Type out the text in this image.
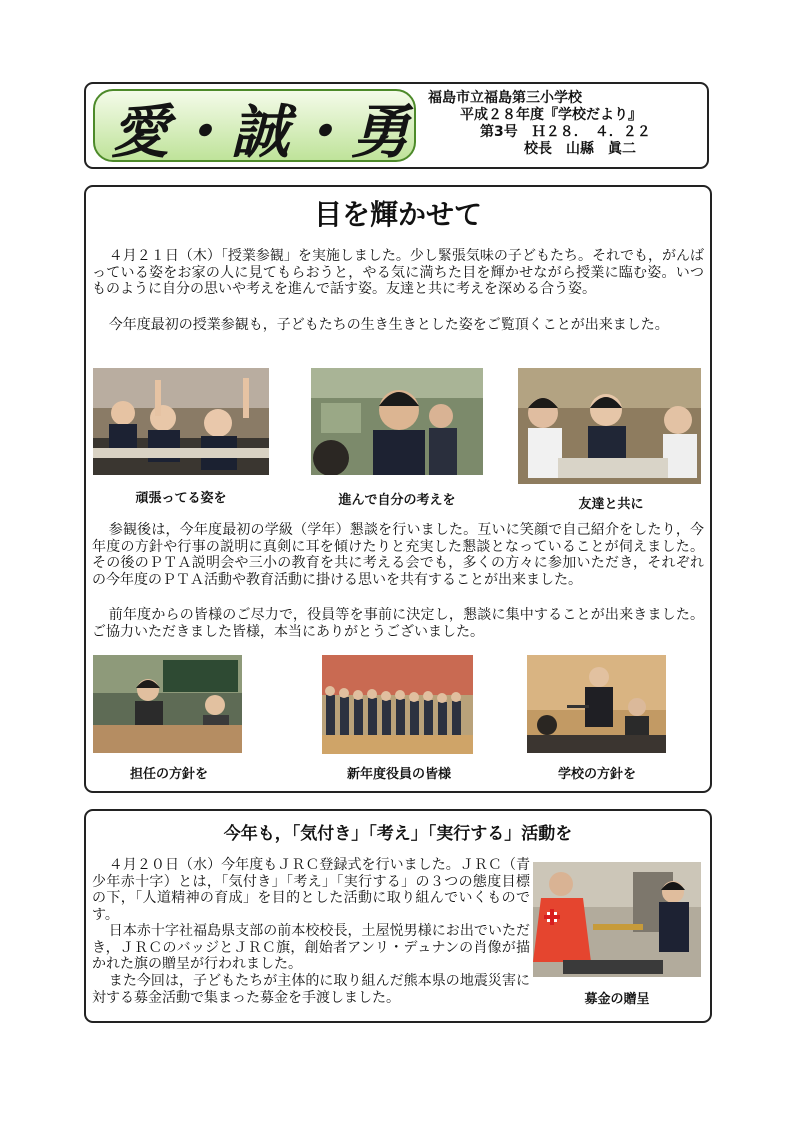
愛・誠・勇 福島市立福島第三小学校
平成２８年度『学校だより』
第3号　Ｈ２８．　４．２２
校長　山縣　眞二
目を輝かせて

４月２１日（木）「授業参観」を実施しました。少し緊張気味の子どもたち。それでも，がんばっている姿をお家の人に見てもらおうと，やる気に満ちた目を輝かせながら授業に臨む姿。いつものように自分の思いや考えを進んで話す姿。友達と共に考えを深める合う姿。

今年度最初の授業参観も，子どもたちの生き生きとした姿をご覧頂くことが出来ました。

頑張ってる姿を	進んで自分の考えを	友達と共に

参観後は，今年度最初の学級（学年）懇談を行いました。互いに笑顔で自己紹介をしたり，今年度の方針や行事の説明に真剣に耳を傾けたりと充実した懇談となっていることが伺えました。その後のＰＴＡ説明会や三小の教育を共に考える会でも，多くの方々に参加いただき，それぞれの今年度のＰＴＡ活動や教育活動に掛ける思いを共有することが出来ました。

前年度からの皆様のご尽力で，役員等を事前に決定し，懇談に集中することが出来きました。ご協力いただきました皆様，本当にありがとうございました。

担任の方針を	新年度役員の皆様	学校の方針を
今年も，「気付き」「考え」「実行する」活動を

４月２０日（水）今年度もＪＲＣ登録式を行いました。ＪＲＣ（青少年赤十字）とは，「気付き」「考え」「実行する」の３つの態度目標の下，「人道精神の育成」を目的とした活動に取り組んでいくものです。

日本赤十字社福島県支部の前本校校長，土屋悦男様にお出でいただき，ＪＲＣのバッジとＪＲＣ旗，創始者アンリ・デュナンの肖像が描かれた旗の贈呈が行われました。

また今回は，子どもたちが主体的に取り組んだ熊本県の地震災害に対する募金活動で集まった募金を手渡しました。	募金の贈呈
